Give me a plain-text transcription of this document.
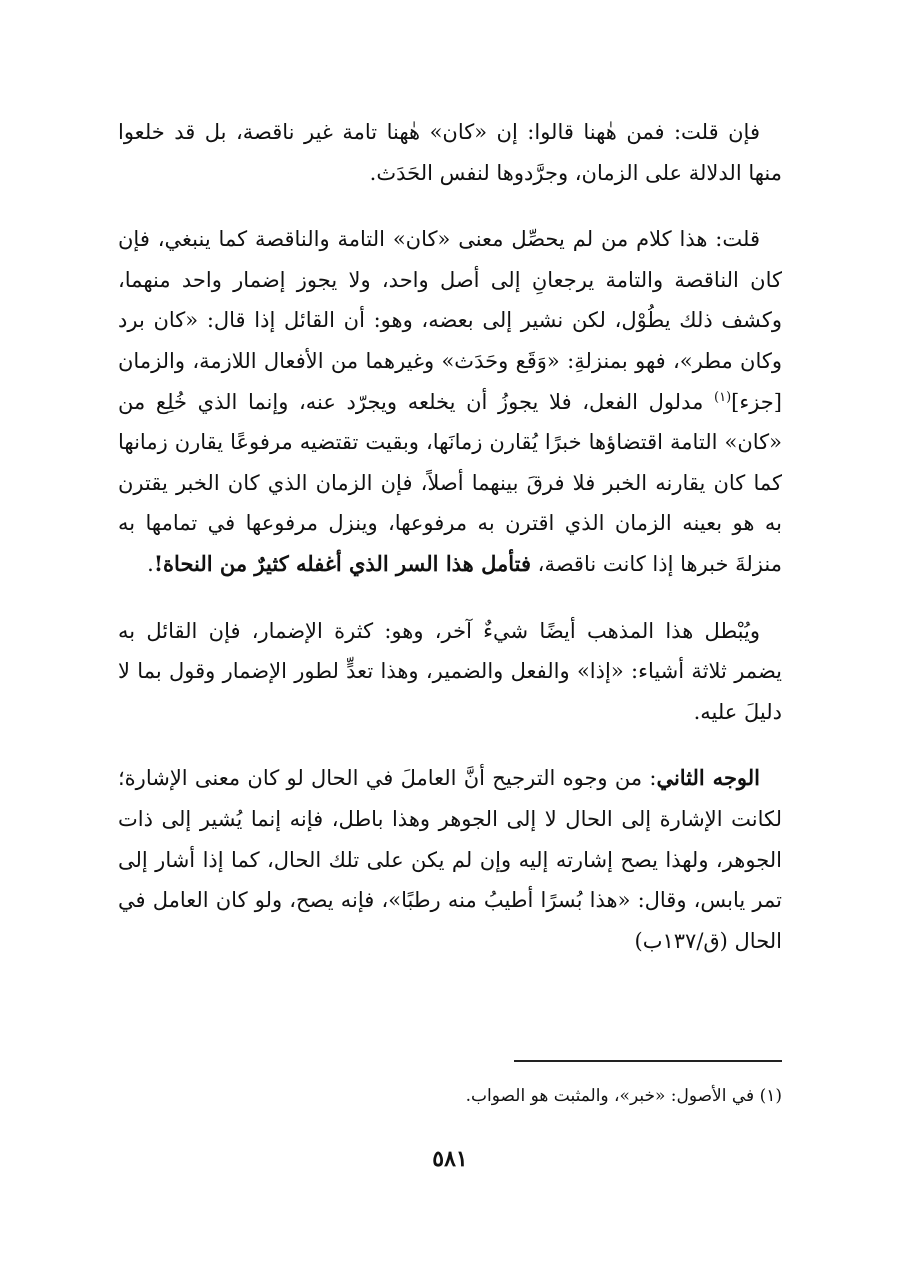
فإن قلت: فمن هٰهنا قالوا: إن «كان» هٰهنا تامة غير ناقصة، بل قد خلعوا منها الدلالة على الزمان، وجرَّدوها لنفس الحَدَث.

قلت: هذا كلام من لم يحصِّل معنى «كان» التامة والناقصة كما ينبغي، فإن كان الناقصة والتامة يرجعانِ إلى أصل واحد، ولا يجوز إضمار واحد منهما، وكشف ذلك يطُوْل، لكن نشير إلى بعضه، وهو: أن القائل إذا قال: «كان برد وكان مطر»، فهو بمنزلةِ: «وَقَع وحَدَث» وغيرهما من الأفعال اللازمة، والزمان [جزء]$^{(١)}$ مدلول الفعل، فلا يجوزُ أن يخلعه ويجرّد عنه، وإنما الذي خُلِع من «كان» التامة اقتضاؤها خبرًا يُقارن زمانَها، وبقيت تقتضيه مرفوعًا يقارن زمانها كما كان يقارنه الخبر فلا فرقَ بينهما أصلاً، فإن الزمان الذي كان الخبر يقترن به هو بعينه الزمان الذي اقترن به مرفوعها، وينزل مرفوعها في تمامها به منزلةَ خبرها إذا كانت ناقصة، فتأمل هذا السر الذي أغفله كثيرٌ من النحاة!.

ويُبْطل هذا المذهب أيضًا شيءٌ آخر، وهو: كثرة الإضمار، فإن القائل به يضمر ثلاثة أشياء: «إذا» والفعل والضمير، وهذا تعدٍّ لطور الإضمار وقول بما لا دليلَ عليه.

الوجه الثاني: من وجوه الترجيح أنَّ العاملَ في الحال لو كان معنى الإشارة؛ لكانت الإشارة إلى الحال لا إلى الجوهر وهذا باطل، فإنه إنما يُشير إلى ذات الجوهر، ولهذا يصح إشارته إليه وإن لم يكن على تلك الحال، كما إذا أشار إلى تمر يابس، وقال: «هذا بُسرًا أطيبُ منه رطبًا»، فإنه يصح، ولو كان العامل في الحال (ق/١٣٧ب)

(١) في الأصول: «خبر»، والمثبت هو الصواب.
٥٨١
